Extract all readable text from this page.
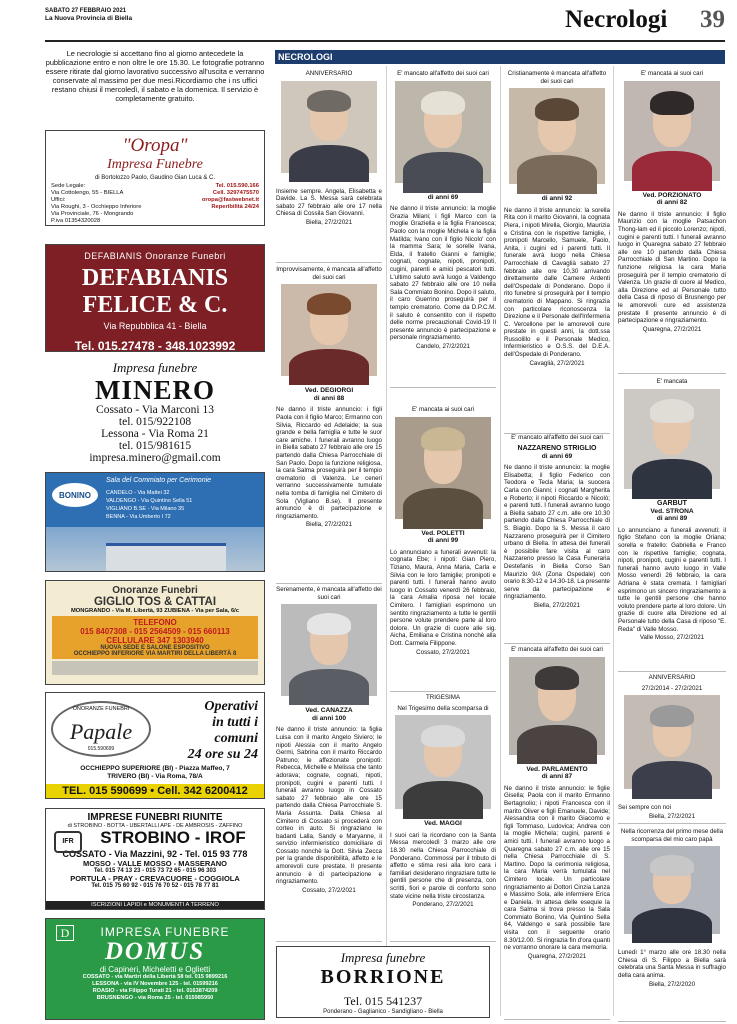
SABATO 27 FEBBRAIO 2021
La Nuova Provincia di Biella	Necrologi 39
Le necrologie si accettano fino al giorno antecedete la pubblicazione entro e non oltre le ore 15.30. Le fotografie potranno essere ritirate dal giorno lavorativo successivo all'uscita e verranno conservate al massimo per due mesi.Ricordiamo che i ns uffici restano chiusi il mercoledì, il sabato e la domenica. Il servizio è completamente gratuito.
"Oropa"
Impresa Funebre
di Bortolozzo Paolo, Gaudino Gian Luca & C.
Sede Legale:
Via Cottolengo, 55 - BIELLA
Uffici:
Via Roughi, 3 - Occhieppo Inferiore
Via Provinciale, 76 - Mongrando
P.iva 01354320028
Tel. 015.590.166
Cell. 3297475570
oropa@fastwebnet.it
Reperibilità 24/24
DEFABIANIS Onoranze Funebri
DEFABIANIS FELICE & C.
Via Repubblica 41 - Biella
Tel. 015.27478 - 348.1023992
onoranzefunebrideabianis@gmail.com
Impresa funebre
MINERO
Cossato - Via Marconi 13
tel. 015/922108
Lessona - Via Roma 21
tel. 015/981615
impresa.minero@gmail.com
BONINO
Sala del Commiato per Cerimonie
CANDELO - Via Mattei 32
VALDENGO - Via Quintino Sella 51
VIGLIANO B.SE - Via Milano 35
BENNA - Via Umberto I 72
Onoranze Funebri
GIGLIO TOS & CATTAI
MONGRANDO - Via M. Libertà, 93 ZUBIENA - Via per Sala, 6/c
TELEFONO
015 8407308 - 015 2564509 - 015 660113
CELLULARE 347 1303940
NUOVA SEDE E SALONE ESPOSITIVO
OCCHIEPPO INFERIORE VIA MARTIRI DELLA LIBERTÀ 8
ONORANZE FUNEBRI
Papale
015.590699
Operativi
in tutti i
comuni
24 ore su 24
OCCHIEPPO SUPERIORE (BI) - Piazza Maffeo, 7
TRIVERO (BI) - Via Roma, 78/A
TEL. 015 590699 • Cell. 342 6200412
IMPRESE FUNEBRI RIUNITE
di STROBINO - BOTTA - UBERTALLI APE - DE AMBROSIS - ZAFFINO
IFR	STROBINO - IROF
COSSATO - Via Mazzini, 92 - Tel. 015 93 778
MOSSO - VALLE MOSSO - MASSERANO
Tel. 015 74 13 23 - 015 73 72 65 - 015 96 303
PORTULA - PRAY - CREVACUORE - COGGIOLA
Tel. 015 75 60 92 - 015 76 70 52 - 015 78 77 81
ISCRIZIONI LAPIDI e MONUMENTI A TERRENO
D	IMPRESA FUNEBRE
DOMUS
di Capineri, Micheletti e Oglietti
COSSATO - via Martiri della Libertà 58 tel. 015 9899216
LESSONA - via IV Novembre 125 - tel. 01599216
ROASIO - via Filippo Turati 21 - tel. 0163874209
BRUSNENGO - via Roma 25 - tel. 015985950
NECROLOGI
ANNIVERSARIO
Insieme sempre. Angela, Elisabetta e Davide. La S. Messa sarà celebrata sabato 27 febbraio alle ore 17 nella Chiesa di Cossila San Giovanni.
Biella, 27/2/2021
Improvvisamente, è mancata all'affetto dei suoi cari
Ved. DEGIORGI
di anni 88
Ne danno il triste annuncio: i figli Paola con il figlio Marco; Ermanno con Silvia, Riccardo ed Adelaide; la sua grande e bella famiglia e tutte le suor care amiche. I funerali avranno luogo in Biella sabato 27 febbraio alle ore 15 partendo dalla Chiesa Parrocchiale di San Paolo. Dopo la funzione religiosa, la cara Salma proseguirà per il tempio crematorio di Valenza. Le ceneri verranno successivamente tumulate nella tomba di famiglia nel Cimitero di Sola (Vigliano B.se). Il presente annuncio è di partecipazione e ringraziamento.
Biella, 27/2/2021
Serenamente, è mancata all'affetto dei suoi cari
Ved. CANAZZA
di anni 100
Ne danno il triste annuncio: la figlia Luisa con il marito Angelo Siviero; le nipoti Alessia con il marito Angelo Germi, Sabrina con il marito Riccardo Patruno; le affezionate pronipoti: Rebecca, Michelle e Melissa che tanto adorava; cognate, cognati, nipoti, pronipoti, cugini e parenti tutti. I funerali avranno luogo in Cossato sabato 27 febbraio alle ore 15 partendo dalla Chiesa Parrocchiale S. Maria Assunta. Dalla Chiesa al Cimitero di Cossato si procederà con corteo in auto. Si ringraziano le badanti Lalla, Sandy e Maryanne, il servizio infermieristico domiciliare di Cossato nonchè la Dott. Silvia Zecca per la grande disponibilità, affetto e le amorevoli cure prestate. Il presente annuncio è di partecipazione e ringraziamento.
Cossato, 27/2/2021
E' mancato all'affetto dei suoi cari
di anni 69
Ne danno il triste annuncio: la moglie Grazia Milani; i figli Marco con la moglie Graziella e la figlia Francesca; Paolo con la moglie Michela e la figlia Matilda; Ivano con il figlio Nicolo' con la mamma Sara; le sorelle Ivana, Elda, il fratello Gianni e famiglie; cognati, cognate, nipoti, pronipoti, cugini, parenti e amici pescatori tutti. L'ultimo saluto avrà luogo a Valdengo sabato 27 febbraio alle ore 10 nella Sala Commiato Bonino. Dopo il saluto, il caro Guerrino proseguirà per il tempio crematorio. Come da D.P.C.M. il saluto è consentito con il rispetto delle norme precauzionali Covid-19 Il presente annuncio è partecipazione e personale ringraziamento.
Candelo, 27/2/2021
E' mancata ai suoi cari
Ved. POLETTI
di anni 99
Lo annunciano a funerali avvenuti: la cognata Ebe; i nipoti: Gian Piero, Tiziano, Maura, Anna Maria, Carla e Silvia con le loro famiglie; pronipoti e parenti tutti. I funerali hanno avuto luogo in Cossato venerdì 26 febbraio, la cara Amalia riposa nel locale Cimitero. I famigliari esprimono un sentito ringraziamento a tutte le gentili persone volute prendere parte al loro dolore. Un grazie di cuore alle sig. Aicha, Emiliana e Cristina nonchè alla Dott. Carmela Filippone.
Cossato, 27/2/2021
TRIGESIMA
Nel Trigesimo della scomparsa di
Ved. MAGGI
I suoi cari la ricordano con la Santa Messa mercoledì 3 marzo alle ore 18.30 nella Chiesa Parrocchiale di Ponderano. Commossi per il tributo di affetto e stima resi alla loro cara i familiari desiderano ringraziare tutte le gentili persone che di presenza, con scritti, fiori e parole di conforto sono state vicine nella triste circostanza.
Ponderano, 27/2/2021
Cristianamente è mancata all'affetto dei suoi cari
di anni 92
Ne danno il triste annuncio: la sorella Rita con il marito Giovanni, la cognata Piera, i nipoti Mirella, Giorgio, Maurizia e Cristina con le rispettive famiglie, i pronipoti Marcello, Samuele, Paolo, Anita, i cugini ed i parenti tutti. Il funerale avrà luogo nella Chiesa Parrocchiale di Cavaglià sabato 27 febbraio alle ore 10,30 arrivando direttamente dalle Camere Ardenti dell'Ospedale di Ponderano. Dopo il rito funebre si proseguirà per il tempio crematorio di Mappano. Si ringrazia con particolare riconoscenza la Direzione e il Personale dell'Infermeria C. Vercellone per le amorevoli cure prestate in questi anni, la dott.ssa Russolillo e il Personale Medico, Infermieristico e O.S.S. del D.E.A. dell'Ospedale di Ponderano.
Cavaglià, 27/2/2021
E' mancato all'affetto dei suoi cari
NAZZARENO STRIGLIO
di anni 69
Ne danno il triste annuncio: la moglie Elisabetta; il figlio Federico con Teodora e Tecla Maria; la suocera Carla con Gianni; i cognati Margherita e Roberto; il nipoti Riccardo e Nicolò; e parenti tutti. I funerali avranno luogo a Biella sabato 27 c.m. alle ore 10.30 partendo dalla Chiesa Parrocchiale di S. Biagio. Dopo la S. Messa il caro Nazzareno proseguirà per il Cimitero urbano di Biella. In attesa dei funerali è possibile fare visita al caro Nazzareno presso la Casa Funeraria Destefanis in Biella Corso San Maurizio 9/A (Zona Ospedale) con orario 8.30-12 e 14.30-18. La presente serve da partecipazione e ringraziamento.
Biella, 27/2/2021
E' mancata all'affetto dei suoi cari
Ved. PARLAMENTO
di anni 87
Ne danno il triste annuncio: le figlie Gisella; Paola con il marito Ermanno Bertagnolio; i nipoti Francesca con il marito Oliver e figli Emanuele, Davide; Alessandra con il marito Giacomo e figli Tommaso, Ludovica; Andrea con la moglie Michela; cugini, parenti e amici tutti. I funerali avranno luogo a Quaregna sabato 27 c.m. alle ore 15 nella Chiesa Parrocchiale di S. Martino. Dopo la cerimonia religiosa, la cara Maria verrà tumulata nel Cimitero locale. Un particolare ringraziamento ai Dottori Cinzia Lanza e Massimo Sola, alle infermiere Erica e Daniela. In attesa delle esequie la cara Salma si trova presso la Sala Commiato Bonino, Via Quintino Sella 64, Valdengo e sarà possibile fare visita con il seguente orario 8.30/12.00. Si ringrazia fin d'ora quanti ne vorranno onorare la cara memoria.
Quaregna, 27/2/2021
E' mancata ai suoi cari
Ved. PORZIONATO
di anni 82
Ne danno il triste annuncio: il figlio Maurizio con la moglie Patsachon Thong-lam ed il piccolo Lorenzo; nipoti, cugini e parenti tutti. I funerali avranno luogo in Quaregna sabato 27 febbraio alle ore 10 partendo dalla Chiesa Parrocchiale di San Martino. Dopo la funzione religiosa la cara Maria proseguirà per il tempio crematorio di Valenza. Un grazie di cuore al Medico, alla Direzione ed al Personale tutto della Casa di riposo di Brusnengo per le amorevoli cure ed assistenza prestate Il presente annuncio è di partecipazione e ringraziamento.
Quaregna, 27/2/2021
E' mancata
GARBUT
Ved. STRONA
di anni 89
Lo annunciano a funerali avvenuti: il figlio Stefano con la moglie Oriana; sorella e fratello: Gabriella e Franco con le rispettive famiglie; cognata, nipoti, pronipoti, cugini e parenti tutti. I funerali hanno avuto luogo in Valle Mosso venerdì 26 febbraio, la cara Adriana è stata cremata. I famigliari esprimono un sincero ringraziamento a tutte le gentili persone che hanno voluto prendere parte al loro dolore. Un grazie di cuore alla Direzione ed al Personale tutto della Casa di riposo "E. Reda" di Valle Mosso.
Valle Mosso, 27/2/2021
ANNIVERSARIO
27/2/2014 - 27/2/2021
Sei sempre con noi
Biella, 27/2/2021
Nella ricorrenza del primo mese della scomparsa del mio caro papà
Lunedì 1° marzo alle ore 18.30 nella Chiesa di S. Filippo a Biella sarà celebrata una Santa Messa in suffragio della cara anima.
Biella, 27/2/2020
Impresa funebre
BORRIONE
Tel. 015 541237
Ponderano - Gaglianico - Sandigliano - Biella
